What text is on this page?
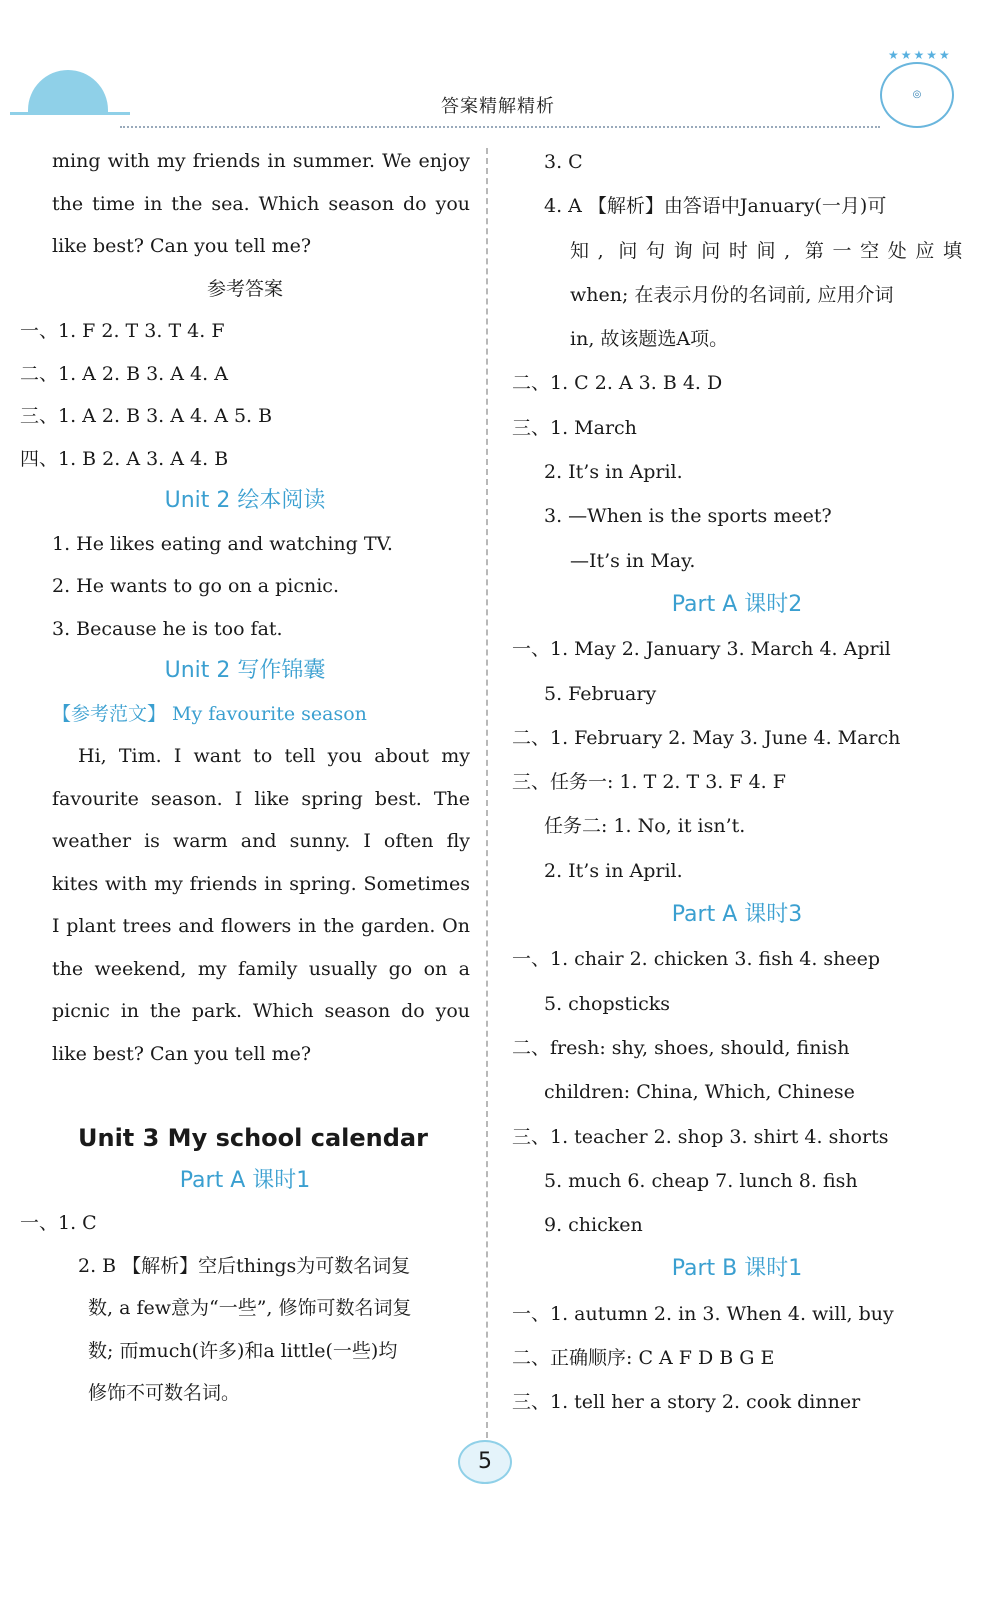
答案精解精析
★★★★★
◎
ming with my friends in summer. We enjoy
the time in the sea. Which season do you
like best? Can you tell me?
参考答案
一、1. F 2. T 3. T 4. F
二、1. A 2. B 3. A 4. A
三、1. A 2. B 3. A 4. A 5. B
四、1. B 2. A 3. A 4. B
Unit 2 绘本阅读
1. He likes eating and watching TV.
2. He wants to go on a picnic.
3. Because he is too fat.
Unit 2 写作锦囊
【参考范文】 My favourite season
Hi, Tim. I want to tell you about my
favourite season. I like spring best. The
weather is warm and sunny. I often fly
kites with my friends in spring. Sometimes
I plant trees and flowers in the garden. On
the weekend, my family usually go on a
picnic in the park. Which season do you
like best? Can you tell me?
Unit 3 My school calendar
Part A 课时1
一、1. C
2. B 【解析】空后things为可数名词复
数, a few意为“一些”, 修饰可数名词复
数; 而much(许多)和a little(一些)均
修饰不可数名词。
3. C
4. A 【解析】由答语中January(一月)可
知, 问句询问时间, 第一空处应填
when; 在表示月份的名词前, 应用介词
in, 故该题选A项。
二、1. C 2. A 3. B 4. D
三、1. March
2. It’s in April.
3. —When is the sports meet?
—It’s in May.
Part A 课时2
一、1. May 2. January 3. March 4. April
5. February
二、1. February 2. May 3. June 4. March
三、任务一: 1. T 2. T 3. F 4. F
任务二: 1. No, it isn’t.
2. It’s in April.
Part A 课时3
一、1. chair 2. chicken 3. fish 4. sheep
5. chopsticks
二、fresh: shy, shoes, should, finish
children: China, Which, Chinese
三、1. teacher 2. shop 3. shirt 4. shorts
5. much 6. cheap 7. lunch 8. fish
9. chicken
Part B 课时1
一、1. autumn 2. in 3. When 4. will, buy
二、正确顺序: C A F D B G E
三、1. tell her a story 2. cook dinner
5
